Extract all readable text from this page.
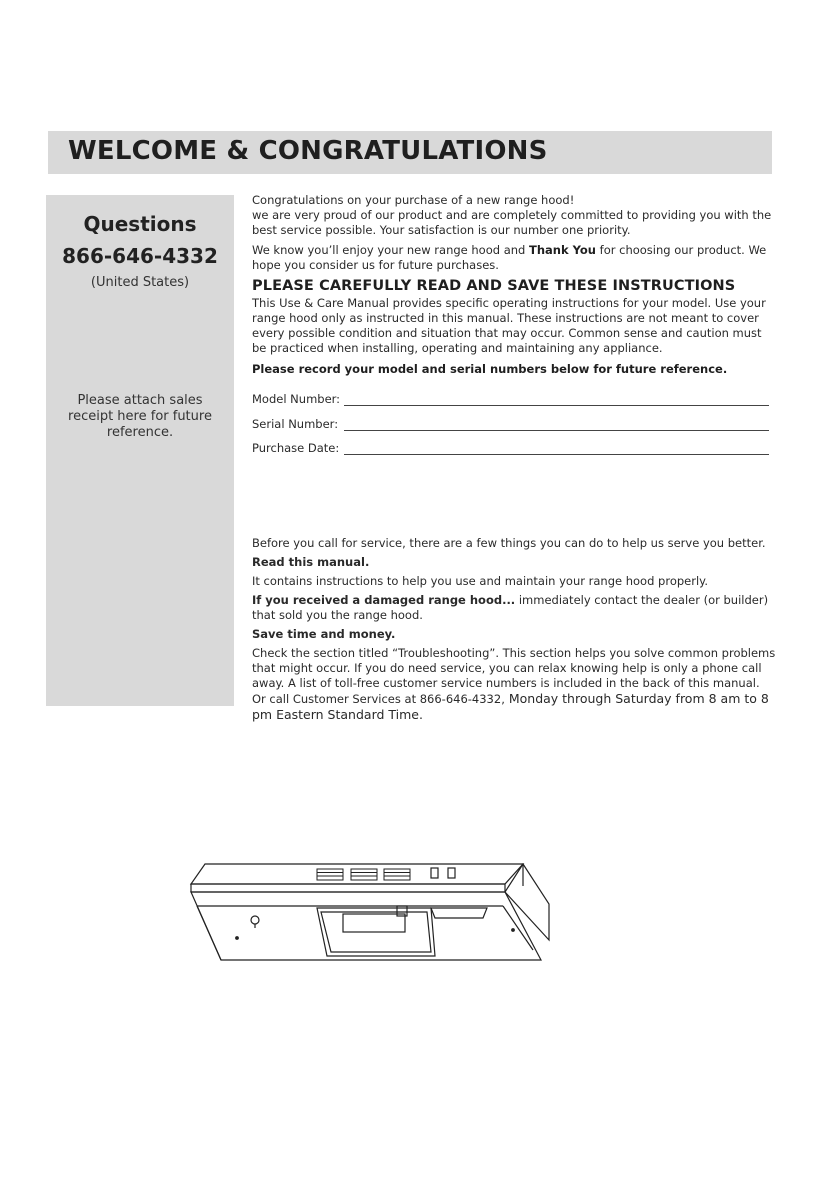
WELCOME & CONGRATULATIONS
Questions
866-646-4332
(United States)
Please attach sales receipt here for future reference.

Congratulations on your purchase of a new range hood!

we are very proud of our product and are completely committed to providing you with the best service possible. Your satisfaction is our number one priority.

We know you’ll enjoy your new range hood and Thank You for choosing our product. We hope you consider us for future purchases.

PLEASE CAREFULLY READ AND SAVE THESE INSTRUCTIONS

This Use & Care Manual provides specific operating instructions for your model. Use your range hood only as instructed in this manual. These instructions are not meant to cover every possible condition and situation that may occur. Common sense and caution must be practiced when installing, operating and maintaining any appliance.

Please record your model and serial numbers below for future reference.

Model Number:
Serial Number:
Purchase Date:

Before you call for service, there are a few things you can do to help us serve you better.

Read this manual.

It contains instructions to help you use and maintain your range hood properly.

If you received a damaged range hood... immediately contact the dealer (or builder) that sold you the range hood.

Save time and money.

Check the section titled “Troubleshooting”. This section helps you solve common problems that might occur. If you do need service, you can relax knowing help is only a phone call away. A list of toll-free customer service numbers is included in the back of this manual. Or call Customer Services at 866-646-4332, Monday through Saturday from 8 am to 8 pm Eastern Standard Time.
